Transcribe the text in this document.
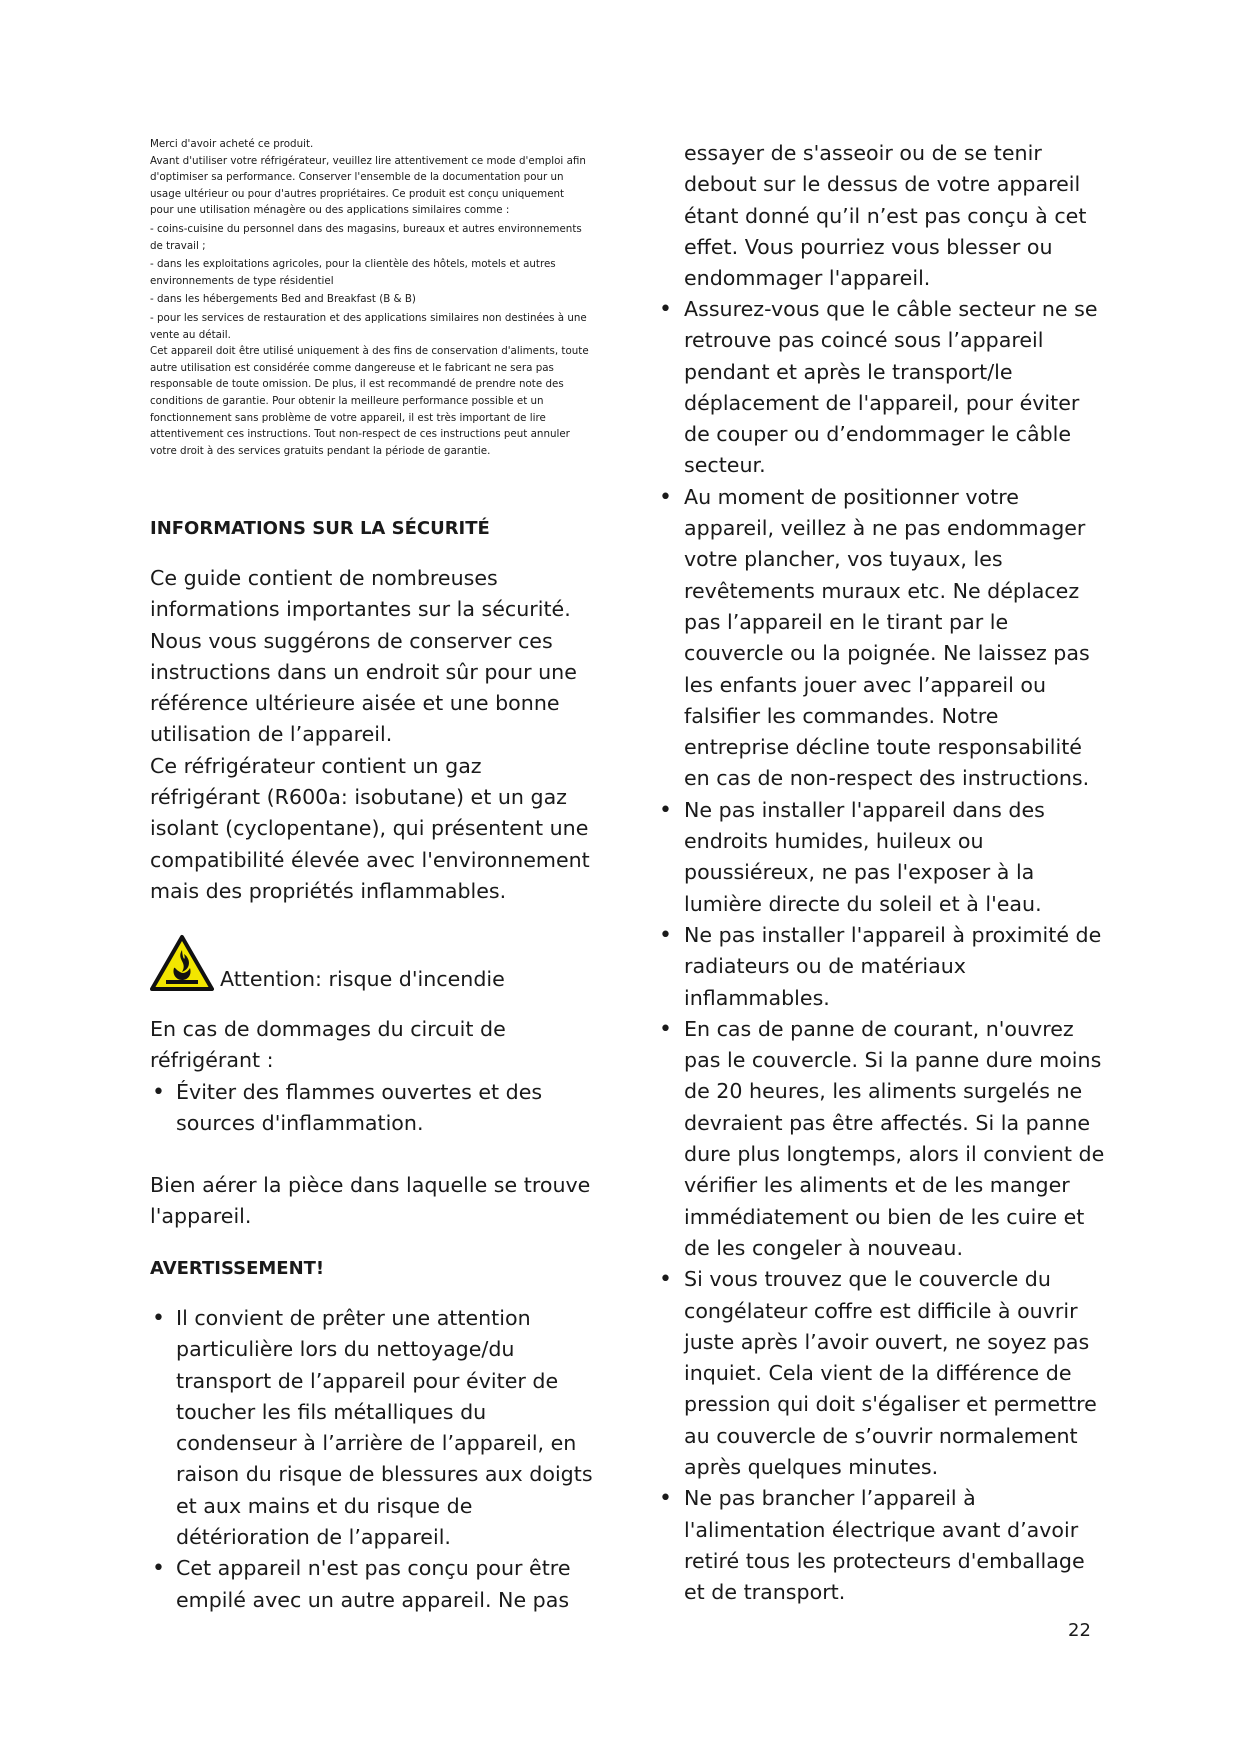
Merci d'avoir acheté ce produit.

Avant d'utiliser votre réfrigérateur, veuillez lire attentivement ce mode d'emploi afin d'optimiser sa performance. Conserver l'ensemble de la documentation pour un usage ultérieur ou pour d'autres propriétaires. Ce produit est conçu uniquement pour une utilisation ménagère ou des applications similaires comme :

- coins-cuisine du personnel dans des magasins, bureaux et autres environnements de travail ;

- dans les exploitations agricoles, pour la clientèle des hôtels, motels et autres environnements de type résidentiel

- dans les hébergements Bed and Breakfast (B & B)

- pour les services de restauration et des applications similaires non destinées à une vente au détail.

Cet appareil doit être utilisé uniquement à des fins de conservation d'aliments, toute autre utilisation est considérée comme dangereuse et le fabricant ne sera pas responsable de toute omission. De plus, il est recommandé de prendre note des conditions de garantie. Pour obtenir la meilleure performance possible et un fonctionnement sans problème de votre appareil, il est très important de lire attentivement ces instructions. Tout non-respect de ces instructions peut annuler votre droit à des services gratuits pendant la période de garantie.

INFORMATIONS SUR LA SÉCURITÉ

Ce guide contient de nombreuses informations importantes sur la sécurité. Nous vous suggérons de conserver ces instructions dans un endroit sûr pour une référence ultérieure aisée et une bonne utilisation de l’appareil.

Ce réfrigérateur contient un gaz réfrigérant (R600a: isobutane) et un gaz isolant (cyclopentane), qui présentent une compatibilité élevée avec l'environnement mais des propriétés inflammables.

Attention: risque d'incendie

En cas de dommages du circuit de réfrigérant :

• Éviter des flammes ouvertes et des sources d'inflammation.

Bien aérer la pièce dans laquelle se trouve l'appareil.

AVERTISSEMENT!
• Il convient de prêter une attention particulière lors du nettoyage/du transport de l’appareil pour éviter de toucher les fils métalliques du condenseur à l’arrière de l’appareil, en raison du risque de blessures aux doigts et aux mains et du risque de détérioration de l’appareil.
• Cet appareil n'est pas conçu pour être empilé avec un autre appareil. Ne pas

essayer de s'asseoir ou de se tenir debout sur le dessus de votre appareil étant donné qu’il n’est pas conçu à cet effet. Vous pourriez vous blesser ou endommager l'appareil.

• Assurez-vous que le câble secteur ne se retrouve pas coincé sous l’appareil pendant et après le transport/le déplacement de l'appareil, pour éviter de couper ou d’endommager le câble secteur.
• Au moment de positionner votre appareil, veillez à ne pas endommager votre plancher, vos tuyaux, les revêtements muraux etc. Ne déplacez pas l’appareil en le tirant par le couvercle ou la poignée. Ne laissez pas les enfants jouer avec l’appareil ou falsifier les commandes. Notre entreprise décline toute responsabilité en cas de non-respect des instructions.
• Ne pas installer l'appareil dans des endroits humides, huileux ou poussiéreux, ne pas l'exposer à la lumière directe du soleil et à l'eau.
• Ne pas installer l'appareil à proximité de radiateurs ou de matériaux inflammables.
• En cas de panne de courant, n'ouvrez pas le couvercle. Si la panne dure moins de 20 heures, les aliments surgelés ne devraient pas être affectés. Si la panne dure plus longtemps, alors il convient de vérifier les aliments et de les manger immédiatement ou bien de les cuire et de les congeler à nouveau.
• Si vous trouvez que le couvercle du congélateur coffre est difficile à ouvrir juste après l’avoir ouvert, ne soyez pas inquiet. Cela vient de la différence de pression qui doit s'égaliser et permettre au couvercle de s’ouvrir normalement après quelques minutes.
• Ne pas brancher l’appareil à l'alimentation électrique avant d’avoir retiré tous les protecteurs d'emballage et de transport.
22
